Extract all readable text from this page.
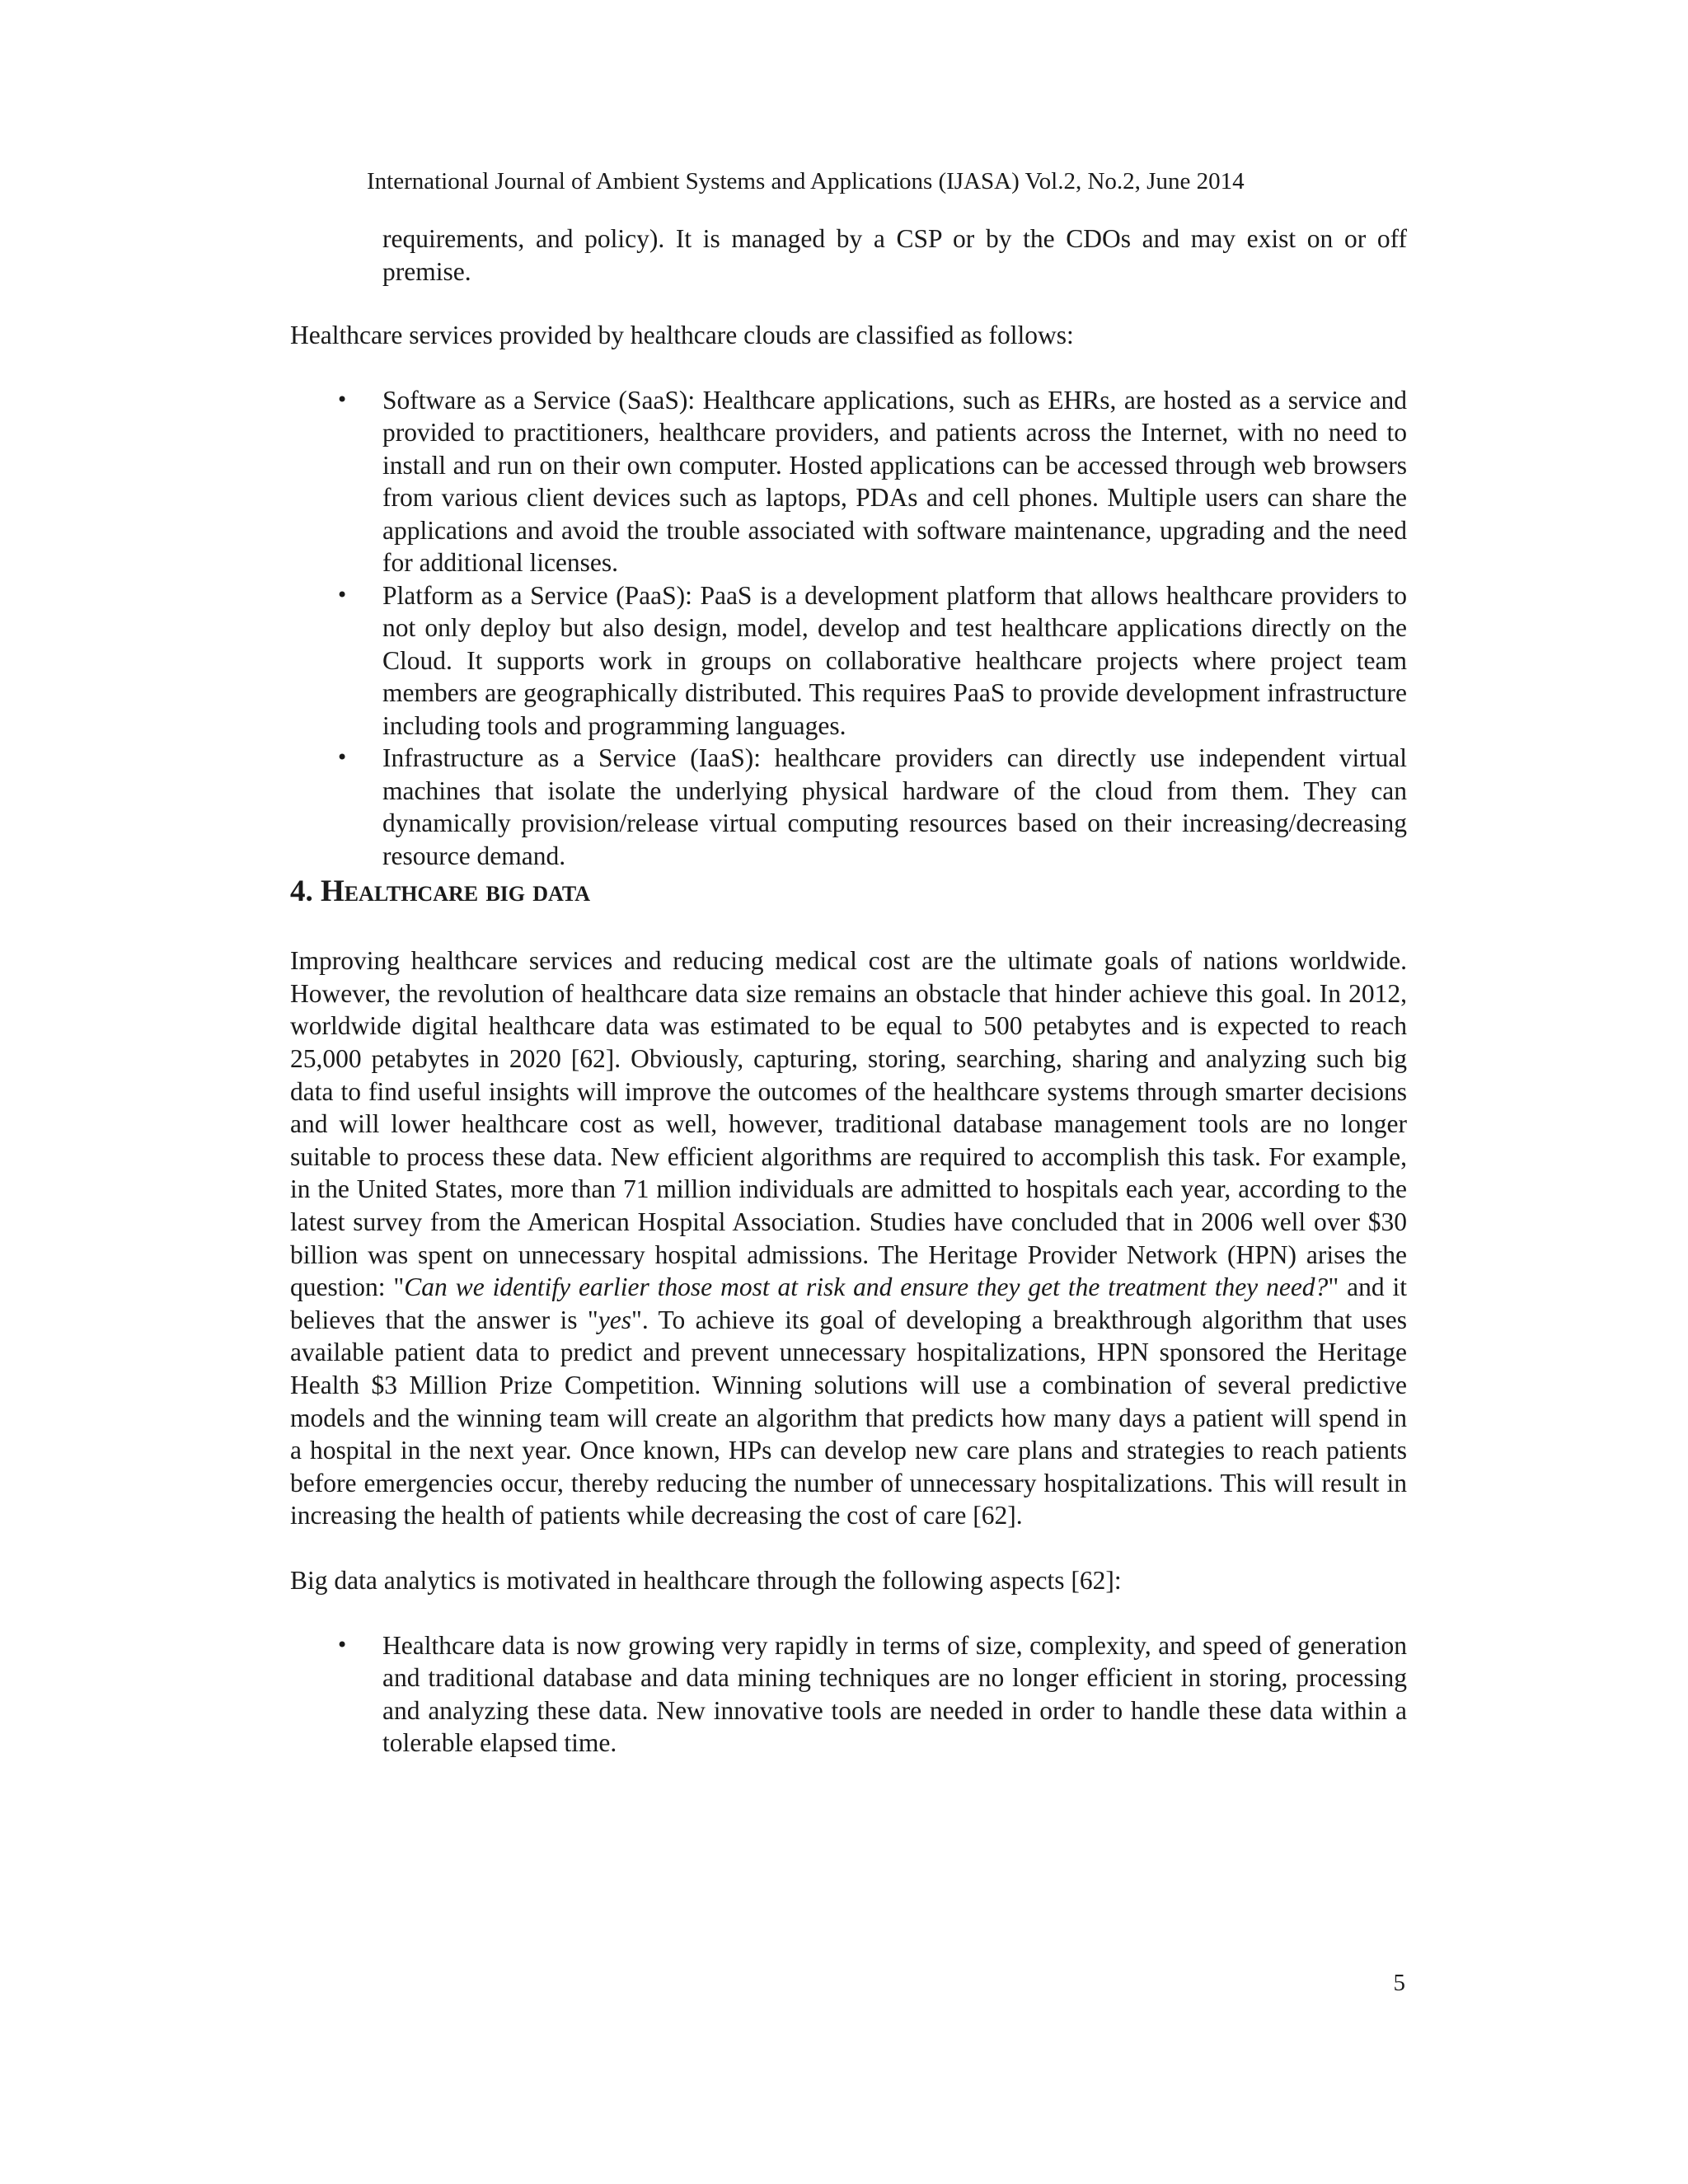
International Journal of Ambient Systems and Applications (IJASA) Vol.2, No.2, June 2014

requirements, and policy). It is managed by a CSP or by the CDOs and may exist on or off premise.

Healthcare services provided by healthcare clouds are classified as follows:

• Software as a Service (SaaS): Healthcare applications, such as EHRs, are hosted as a service and provided to practitioners, healthcare providers, and patients across the Internet, with no need to install and run on their own computer. Hosted applications can be accessed through web browsers from various client devices such as laptops, PDAs and cell phones. Multiple users can share the applications and avoid the trouble associated with software maintenance, upgrading and the need for additional licenses.
• Platform as a Service (PaaS): PaaS is a development platform that allows healthcare providers to not only deploy but also design, model, develop and test healthcare applications directly on the Cloud. It supports work in groups on collaborative healthcare projects where project team members are geographically distributed. This requires PaaS to provide development infrastructure including tools and programming languages.
• Infrastructure as a Service (IaaS): healthcare providers can directly use independent virtual machines that isolate the underlying physical hardware of the cloud from them. They can dynamically provision/release virtual computing resources based on their increasing/decreasing resource demand.
4. Healthcare big data

Improving healthcare services and reducing medical cost are the ultimate goals of nations worldwide. However, the revolution of healthcare data size remains an obstacle that hinder achieve this goal. In 2012, worldwide digital healthcare data was estimated to be equal to 500 petabytes and is expected to reach 25,000 petabytes in 2020 [62]. Obviously, capturing, storing, searching, sharing and analyzing such big data to find useful insights will improve the outcomes of the healthcare systems through smarter decisions and will lower healthcare cost as well, however, traditional database management tools are no longer suitable to process these data. New efficient algorithms are required to accomplish this task. For example, in the United States, more than 71 million individuals are admitted to hospitals each year, according to the latest survey from the American Hospital Association. Studies have concluded that in 2006 well over $30 billion was spent on unnecessary hospital admissions. The Heritage Provider Network (HPN) arises the question: "Can we identify earlier those most at risk and ensure they get the treatment they need?" and it believes that the answer is "yes". To achieve its goal of developing a breakthrough algorithm that uses available patient data to predict and prevent unnecessary hospitalizations, HPN sponsored the Heritage Health $3 Million Prize Competition. Winning solutions will use a combination of several predictive models and the winning team will create an algorithm that predicts how many days a patient will spend in a hospital in the next year. Once known, HPs can develop new care plans and strategies to reach patients before emergencies occur, thereby reducing the number of unnecessary hospitalizations. This will result in increasing the health of patients while decreasing the cost of care [62].

Big data analytics is motivated in healthcare through the following aspects [62]:

• Healthcare data is now growing very rapidly in terms of size, complexity, and speed of generation and traditional database and data mining techniques are no longer efficient in storing, processing and analyzing these data. New innovative tools are needed in order to handle these data within a tolerable elapsed time.
5
